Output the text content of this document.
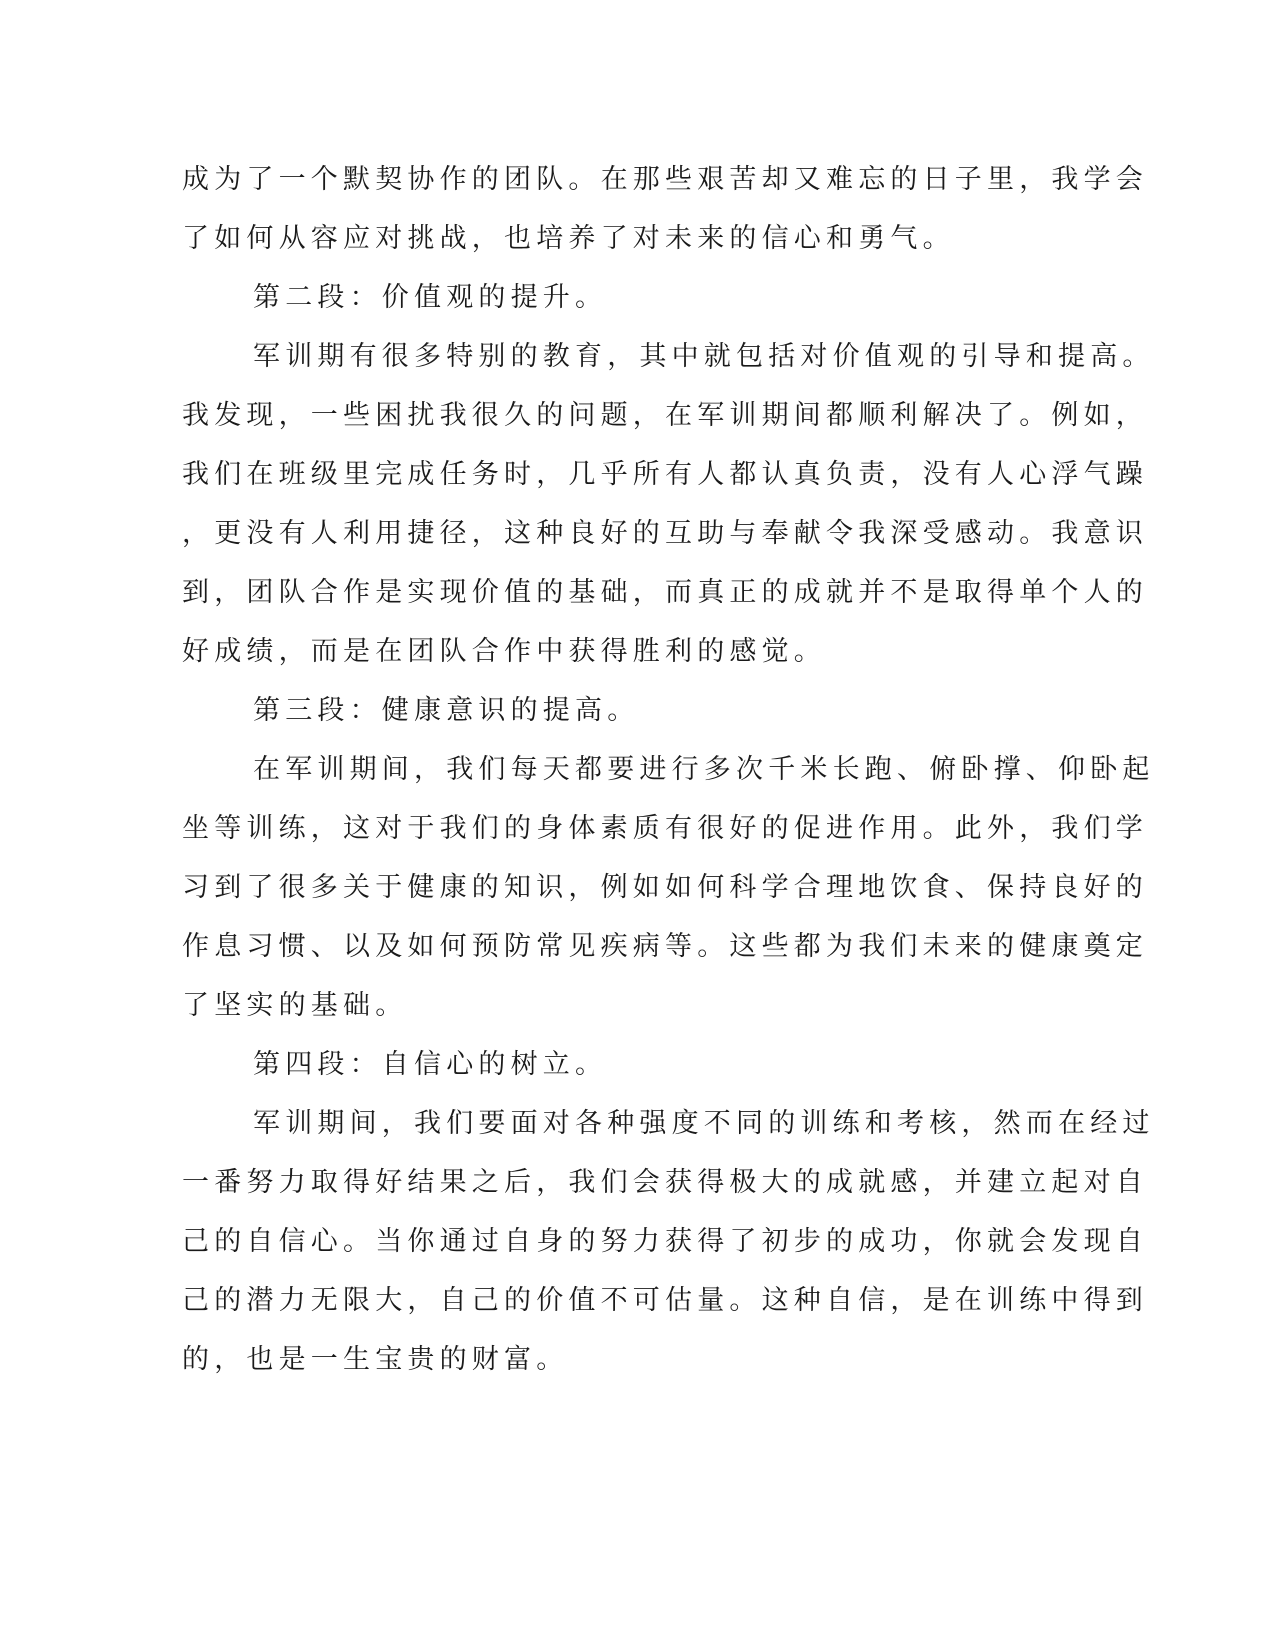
成为了一个默契协作的团队。在那些艰苦却又难忘的日子里，我学会
了如何从容应对挑战，也培养了对未来的信心和勇气。
第二段：价值观的提升。
军训期有很多特别的教育，其中就包括对价值观的引导和提高。
我发现，一些困扰我很久的问题，在军训期间都顺利解决了。例如，
我们在班级里完成任务时，几乎所有人都认真负责，没有人心浮气躁
，更没有人利用捷径，这种良好的互助与奉献令我深受感动。我意识
到，团队合作是实现价值的基础，而真正的成就并不是取得单个人的
好成绩，而是在团队合作中获得胜利的感觉。
第三段：健康意识的提高。
在军训期间，我们每天都要进行多次千米长跑、俯卧撑、仰卧起
坐等训练，这对于我们的身体素质有很好的促进作用。此外，我们学
习到了很多关于健康的知识，例如如何科学合理地饮食、保持良好的
作息习惯、以及如何预防常见疾病等。这些都为我们未来的健康奠定
了坚实的基础。
第四段：自信心的树立。
军训期间，我们要面对各种强度不同的训练和考核，然而在经过
一番努力取得好结果之后，我们会获得极大的成就感，并建立起对自
己的自信心。当你通过自身的努力获得了初步的成功，你就会发现自
己的潜力无限大，自己的价值不可估量。这种自信，是在训练中得到
的，也是一生宝贵的财富。
